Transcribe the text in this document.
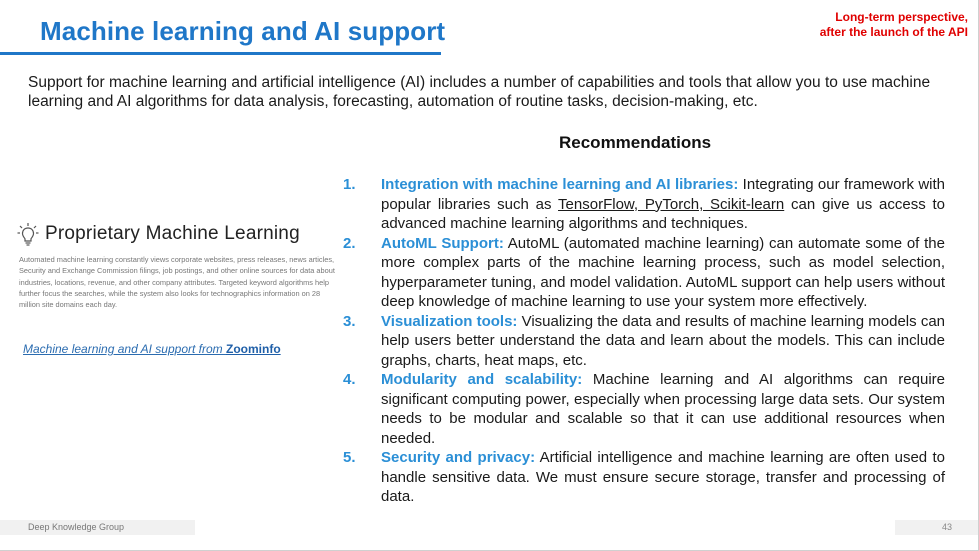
Machine learning and AI support	Long-term perspective,
after the launch of the API
Support for machine learning and artificial intelligence (AI) includes a number of capabilities and tools that allow you to use machine learning and AI algorithms for data analysis, forecasting, automation of routine tasks, decision-making, etc.
Recommendations
1. Integration with machine learning and AI libraries: Integrating our framework with popular libraries such as TensorFlow, PyTorch, Scikit-learn can give us access to advanced machine learning algorithms and techniques.
2. AutoML Support: AutoML (automated machine learning) can automate some of the more complex parts of the machine learning process, such as model selection, hyperparameter tuning, and model validation. AutoML support can help users without deep knowledge of machine learning to use your system more effectively.
3. Visualization tools: Visualizing the data and results of machine learning models can help users better understand the data and learn about the models. This can include graphs, charts, heat maps, etc.
4. Modularity and scalability: Machine learning and AI algorithms can require significant computing power, especially when processing large data sets. Our system needs to be modular and scalable so that it can use additional resources when needed.
5. Security and privacy: Artificial intelligence and machine learning are often used to handle sensitive data. We must ensure secure storage, transfer and processing of data.
Proprietary Machine Learning
Automated machine learning constantly views corporate websites, press releases, news articles, Security and Exchange Commission filings, job postings, and other online sources for data about industries, locations, revenue, and other company attributes. Targeted keyword algorithms help further focus the searches, while the system also looks for technographics information on 28 million site domains each day.
Machine learning and AI support from Zoominfo
Deep Knowledge Group	43
